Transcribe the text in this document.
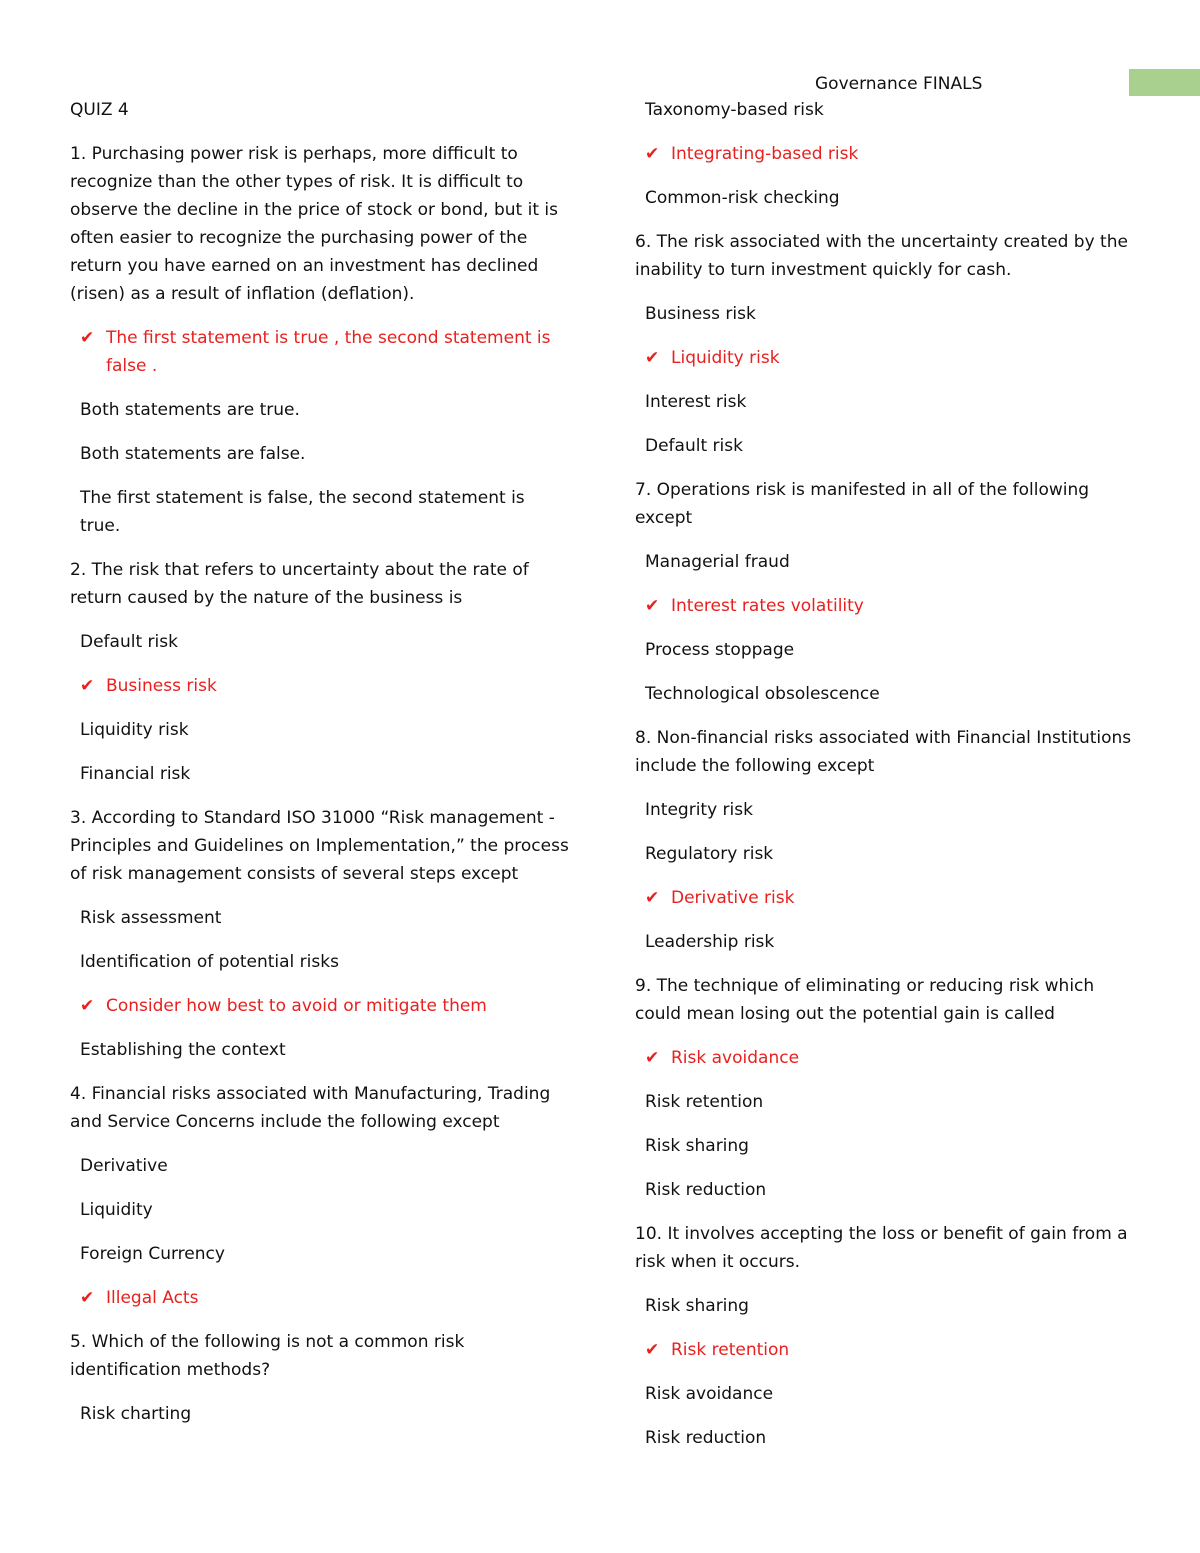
Governance FINALS
QUIZ 4
1. Purchasing power risk is perhaps, more difficult to recognize than the other types of risk. It is difficult to observe the decline in the price of stock or bond, but it is often easier to recognize the purchasing power of the return you have earned on an investment has declined (risen) as a result of inflation (deflation).
✔ The first statement is true , the second statement is false .
Both statements are true.
Both statements are false.
The first statement is false, the second statement is true.
2. The risk that refers to uncertainty about the rate of return caused by the nature of the business is
Default risk
✔ Business risk
Liquidity risk
Financial risk
3. According to Standard ISO 31000 “Risk management - Principles and Guidelines on Implementation,” the process of risk management consists of several steps except
Risk assessment
Identification of potential risks
✔ Consider how best to avoid or mitigate them
Establishing the context
4. Financial risks associated with Manufacturing, Trading and Service Concerns include the following except
Derivative
Liquidity
Foreign Currency
✔ Illegal Acts
5. Which of the following is not a common risk identification methods?
Risk charting
Taxonomy-based risk
✔ Integrating-based risk
Common-risk checking
6. The risk associated with the uncertainty created by the inability to turn investment quickly for cash.
Business risk
✔ Liquidity risk
Interest risk
Default risk
7. Operations risk is manifested in all of the following except
Managerial fraud
✔ Interest rates volatility
Process stoppage
Technological obsolescence
8. Non-financial risks associated with Financial Institutions include the following except
Integrity risk
Regulatory risk
✔ Derivative risk
Leadership risk
9. The technique of eliminating or reducing risk which could mean losing out the potential gain is called
✔ Risk avoidance
Risk retention
Risk sharing
Risk reduction
10. It involves accepting the loss or benefit of gain from a risk when it occurs.
Risk sharing
✔ Risk retention
Risk avoidance
Risk reduction
